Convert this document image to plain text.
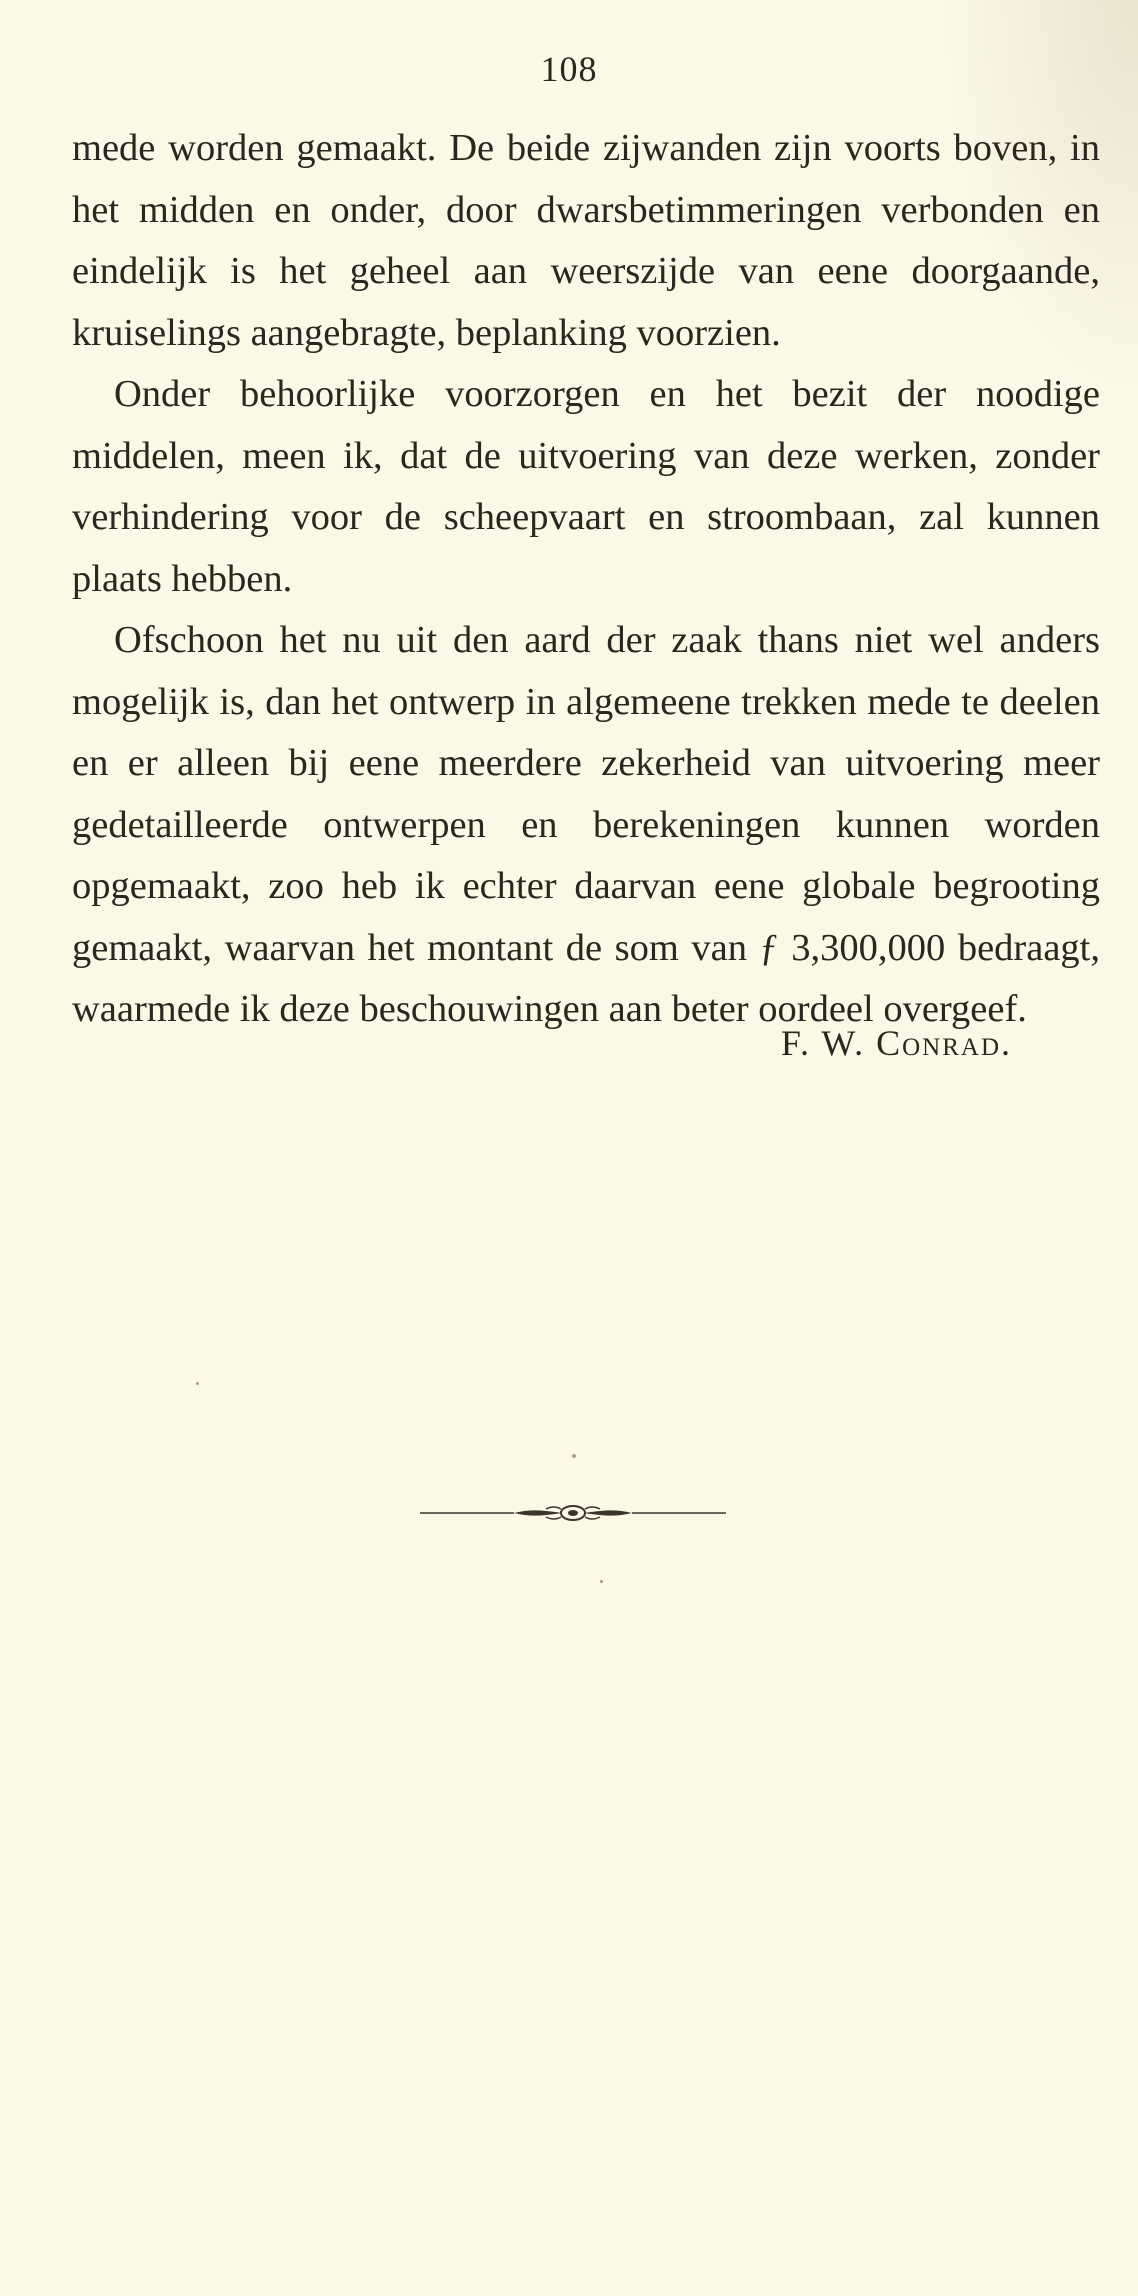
108

mede worden gemaakt. De beide zijwanden zijn voorts boven, in het midden en onder, door dwarsbetimmeringen verbonden en eindelijk is het geheel aan weerszijde van eene doorgaande, kruiselings aangebragte, beplanking voorzien.

Onder behoorlijke voorzorgen en het bezit der noodige middelen, meen ik, dat de uitvoering van deze werken, zonder verhindering voor de scheepvaart en stroombaan, zal kunnen plaats hebben.

Ofschoon het nu uit den aard der zaak thans niet wel anders mogelijk is, dan het ontwerp in algemeene trekken mede te deelen en er alleen bij eene meerdere zekerheid van uitvoering meer gedetailleerde ontwerpen en berekeningen kunnen worden opgemaakt, zoo heb ik echter daarvan eene globale begrooting gemaakt, waarvan het montant de som van ƒ 3,300,000 bedraagt, waarmede ik deze beschouwingen aan beter oordeel overgeef.

F. W. Conrad.
